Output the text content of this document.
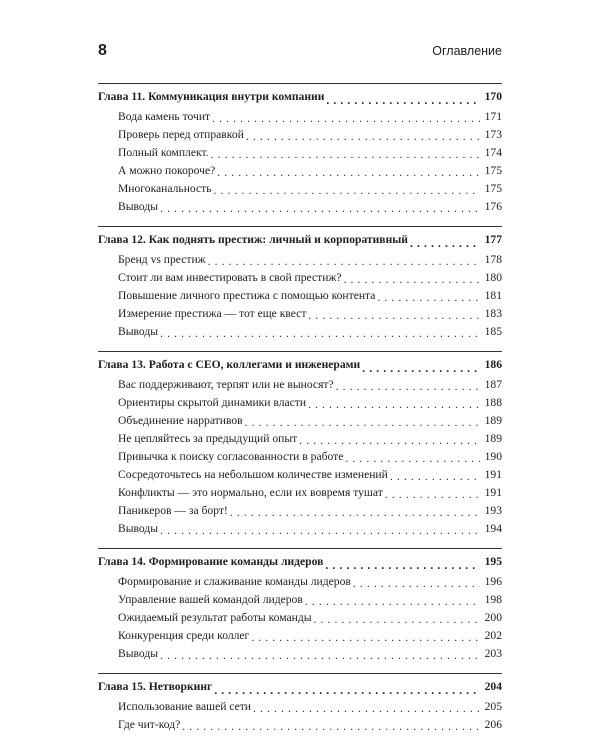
8	Оглавление
Глава 11. Коммуникация внутри компании . . .	170
Вода камень точит . . .	171
Проверь перед отправкой . . .	173
Полный комплект. . . .	174
А можно покороче? . . .	175
Многоканальность . . .	175
Выводы . . .	176
Глава 12. Как поднять престиж: личный и корпоративный . . .	177
Бренд vs престиж . . .	178
Стоит ли вам инвестировать в свой престиж? . . .	180
Повышение личного престижа с помощью контента . . .	181
Измерение престижа — тот еще квест . . .	183
Выводы . . .	185
Глава 13. Работа с CEO, коллегами и инженерами . . .	186
Вас поддерживают, терпят или не выносят? . . .	187
Ориентиры скрытой динамики власти . . .	188
Объединение нарративов . . .	189
Не цепляйтесь за предыдущий опыт . . .	189
Привычка к поиску согласованности в работе . . .	190
Сосредоточьтесь на небольшом количестве изменений . . .	191
Конфликты — это нормально, если их вовремя тушат . . .	191
Паникеров — за борт! . . .	193
Выводы . . .	194
Глава 14. Формирование команды лидеров . . .	195
Формирование и слаживание команды лидеров . . .	196
Управление вашей командой лидеров . . .	198
Ожидаемый результат работы команды . . .	200
Конкуренция среди коллег . . .	202
Выводы . . .	203
Глава 15. Нетворкинг . . .	204
Использование вашей сети . . .	205
Где чит-код? . . .	206
